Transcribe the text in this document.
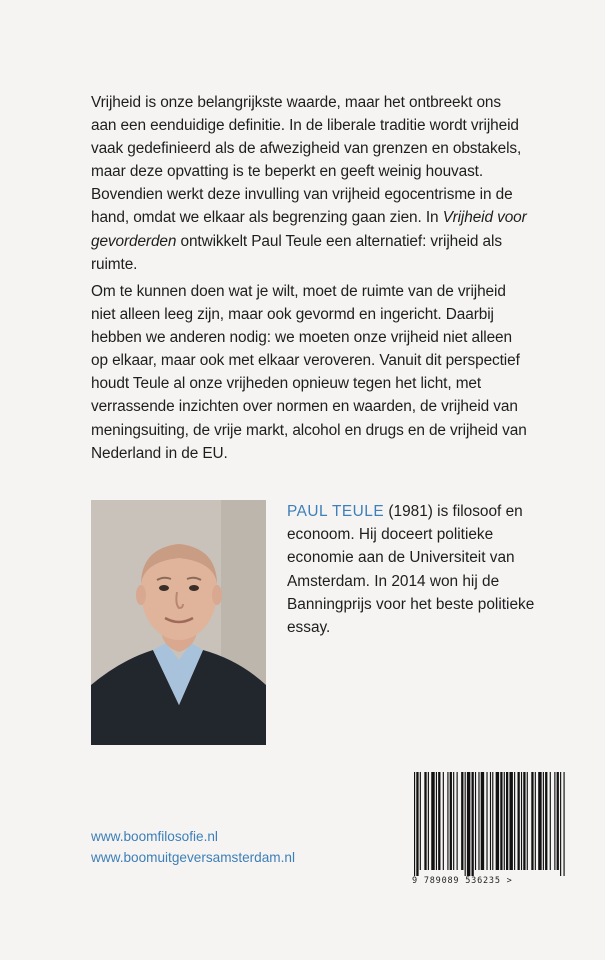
Vrijheid is onze belangrijkste waarde, maar het ontbreekt ons
aan een eenduidige definitie. In de liberale traditie wordt vrijheid
vaak gedefinieerd als de afwezigheid van grenzen en obstakels,
maar deze opvatting is te beperkt en geeft weinig houvast.
Bovendien werkt deze invulling van vrijheid egocentrisme in de
hand, omdat we elkaar als begrenzing gaan zien. In Vrijheid voor
gevorderden ontwikkelt Paul Teule een alternatief: vrijheid als
ruimte.
Om te kunnen doen wat je wilt, moet de ruimte van de vrijheid
niet alleen leeg zijn, maar ook gevormd en ingericht. Daarbij
hebben we anderen nodig: we moeten onze vrijheid niet alleen
op elkaar, maar ook met elkaar veroveren. Vanuit dit perspectief
houdt Teule al onze vrijheden opnieuw tegen het licht, met
verrassende inzichten over normen en waarden, de vrijheid van
meningsuiting, de vrije markt, alcohol en drugs en de vrijheid van
Nederland in de EU.
PAUL TEULE (1981) is filosoof en
econoom. Hij doceert politieke
economie aan de Universiteit van
Amsterdam. In 2014 won hij de
Banningprijs voor het beste politieke
essay.
www.boomfilosofie.nl
www.boomuitgeversamsterdam.nl
9 789089 536235 >
